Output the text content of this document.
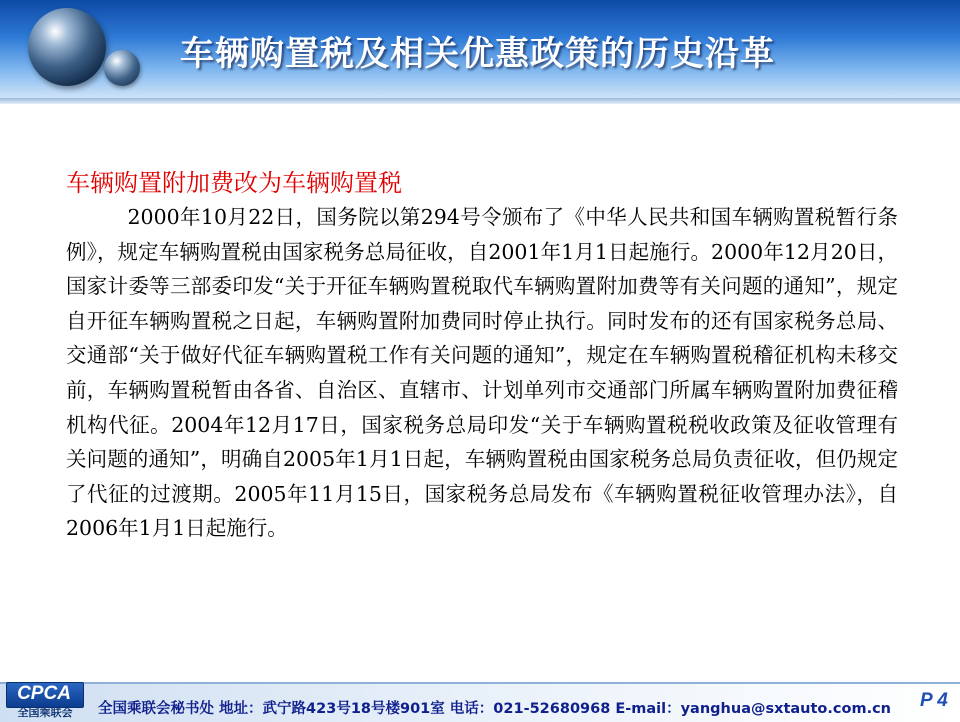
车辆购置税及相关优惠政策的历史沿革
车辆购置附加费改为车辆购置税

2000年10月22日，国务院以第294号令颁布了《中华人民共和国车辆购置税暂行条例》，规定车辆购置税由国家税务总局征收，自2001年1月1日起施行。2000年12月20日，国家计委等三部委印发“关于开征车辆购置税取代车辆购置附加费等有关问题的通知”，规定自开征车辆购置税之日起，车辆购置附加费同时停止执行。同时发布的还有国家税务总局、交通部“关于做好代征车辆购置税工作有关问题的通知”，规定在车辆购置税稽征机构未移交前，车辆购置税暂由各省、自治区、直辖市、计划单列市交通部门所属车辆购置附加费征稽机构代征。2004年12月17日，国家税务总局印发“关于车辆购置税税收政策及征收管理有关问题的通知”，明确自2005年1月1日起，车辆购置税由国家税务总局负责征收，但仍规定了代征的过渡期。2005年11月15日，国家税务总局发布《车辆购置税征收管理办法》，自2006年1月1日起施行。

CPCA
全国乘联会	全国乘联会秘书处 地址：武宁路423号18号楼901室 电话：021-52680968 E-mail：yanghua@sxtauto.com.cn P 4
